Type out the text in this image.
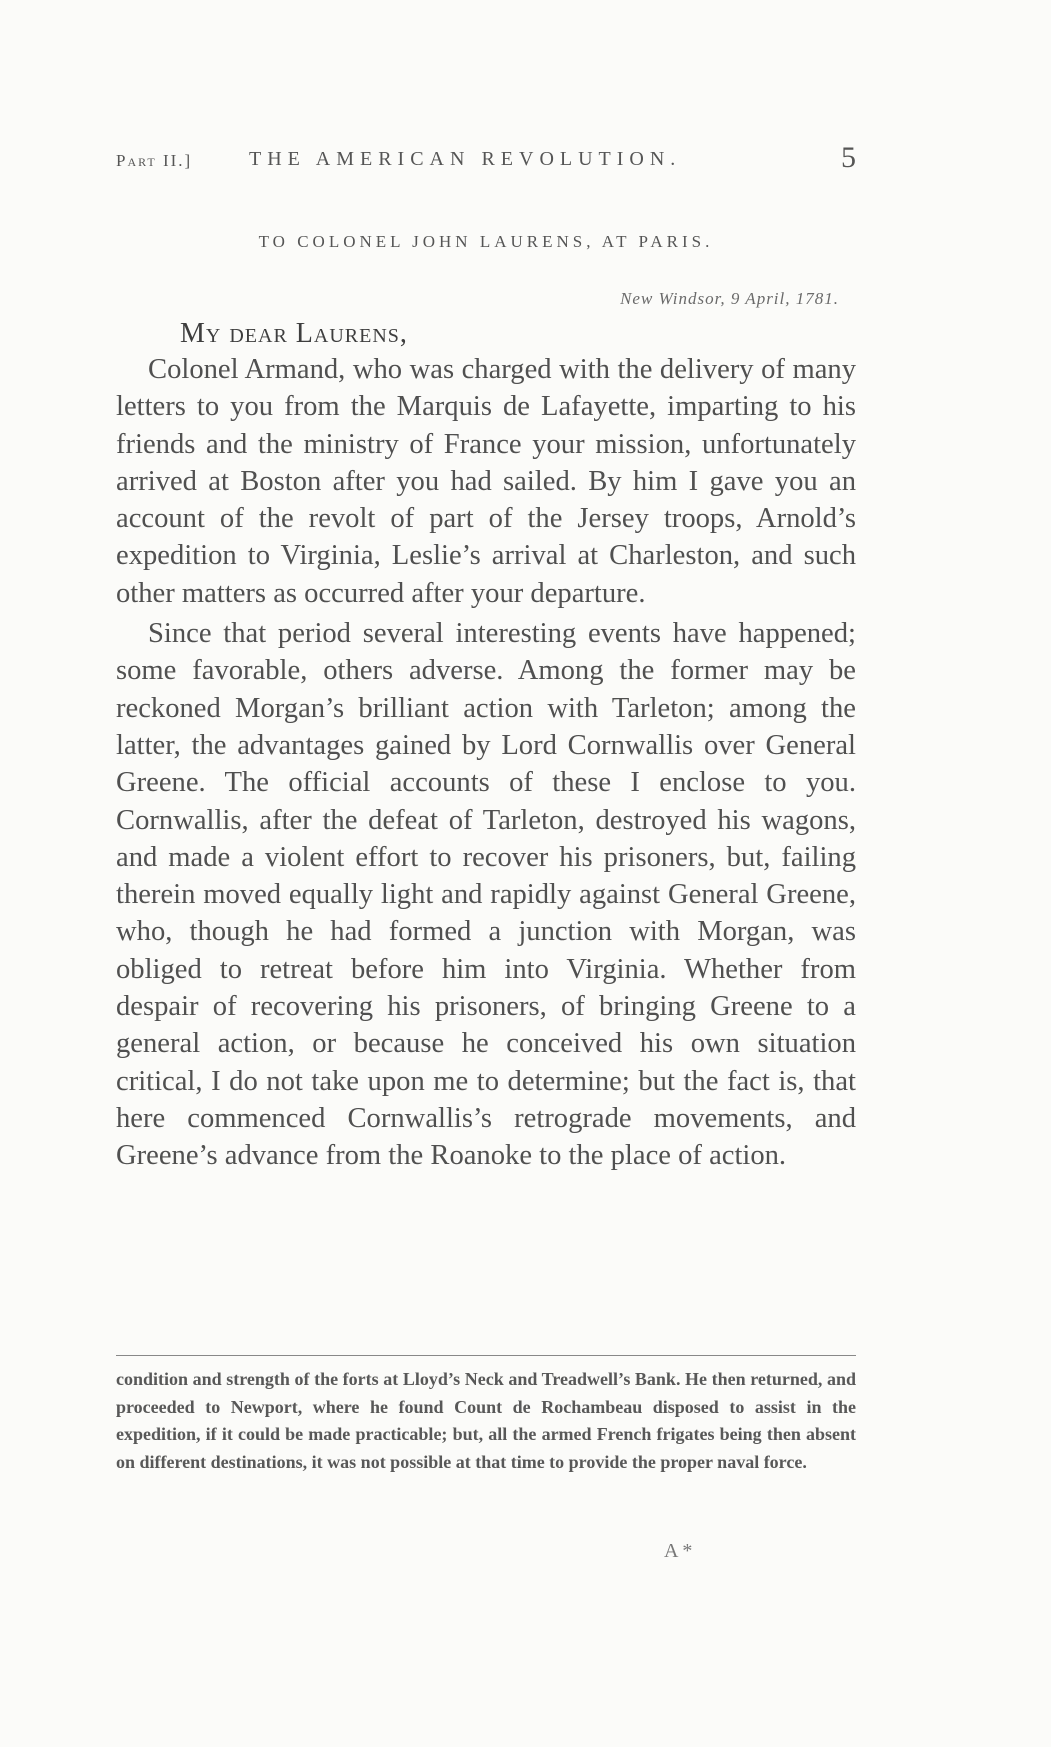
Part II.]	THE AMERICAN REVOLUTION.	5
TO COLONEL JOHN LAURENS, AT PARIS.
New Windsor, 9 April, 1781.
My dear Laurens,

Colonel Armand, who was charged with the delivery of many letters to you from the Marquis de Lafayette, imparting to his friends and the ministry of France your mission, unfortunately arrived at Boston after you had sailed. By him I gave you an account of the revolt of part of the Jersey troops, Arnold’s expedition to Virginia, Leslie’s arrival at Charleston, and such other matters as occurred after your departure.

Since that period several interesting events have happened; some favorable, others adverse. Among the former may be reckoned Morgan’s brilliant action with Tarleton; among the latter, the advantages gained by Lord Cornwallis over General Greene. The official accounts of these I enclose to you. Cornwallis, after the defeat of Tarleton, destroyed his wagons, and made a violent effort to recover his prisoners, but, failing therein moved equally light and rapidly against General Greene, who, though he had formed a junction with Morgan, was obliged to retreat before him into Virginia. Whether from despair of recovering his prisoners, of bringing Greene to a general action, or because he conceived his own situation critical, I do not take upon me to determine; but the fact is, that here commenced Cornwallis’s retrograde movements, and Greene’s advance from the Roanoke to the place of action.

condition and strength of the forts at Lloyd’s Neck and Treadwell’s Bank. He then returned, and proceeded to Newport, where he found Count de Rochambeau disposed to assist in the expedition, if it could be made practicable; but, all the armed French frigates being then absent on different destinations, it was not possible at that time to provide the proper naval force.
A *
